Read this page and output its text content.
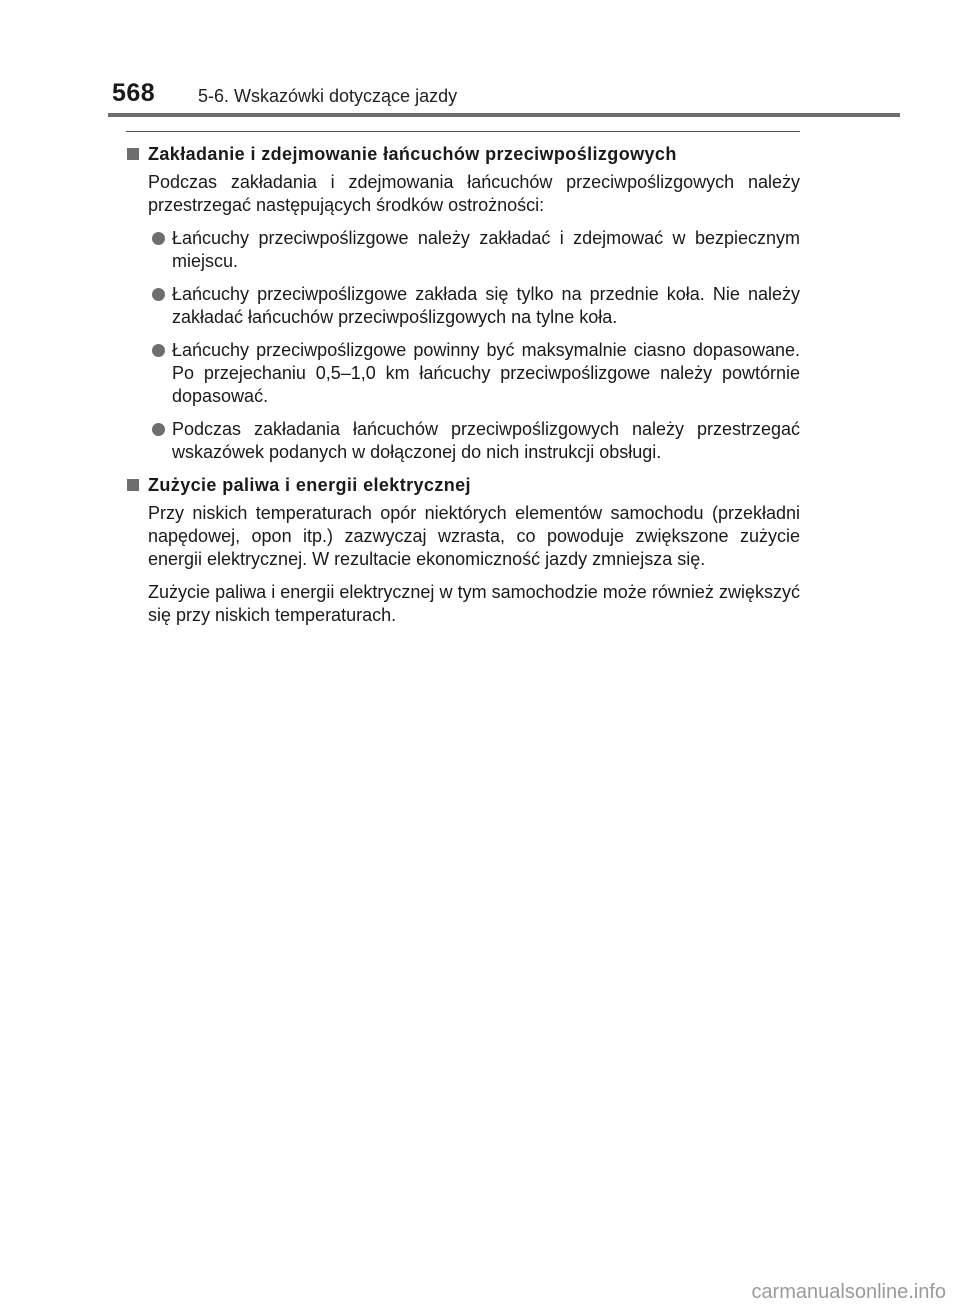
568 5-6. Wskazówki dotyczące jazdy
Zakładanie i zdejmowanie łańcuchów przeciwpoślizgowych

Podczas zakładania i zdejmowania łańcuchów przeciwpoślizgowych należy przestrzegać następujących środków ostrożności:

Łańcuchy przeciwpoślizgowe należy zakładać i zdejmować w bezpiecznym miejscu.
Łańcuchy przeciwpoślizgowe zakłada się tylko na przednie koła. Nie należy zakładać łańcuchów przeciwpoślizgowych na tylne koła.
Łańcuchy przeciwpoślizgowe powinny być maksymalnie ciasno dopasowane. Po przejechaniu 0,5–1,0 km łańcuchy przeciwpoślizgowe należy powtórnie dopasować.
Podczas zakładania łańcuchów przeciwpoślizgowych należy przestrzegać wskazówek podanych w dołączonej do nich instrukcji obsługi.
Zużycie paliwa i energii elektrycznej

Przy niskich temperaturach opór niektórych elementów samochodu (przekładni napędowej, opon itp.) zazwyczaj wzrasta, co powoduje zwiększone zużycie energii elektrycznej. W rezultacie ekonomiczność jazdy zmniejsza się.

Zużycie paliwa i energii elektrycznej w tym samochodzie może również zwiększyć się przy niskich temperaturach.

carmanualsonline.info
